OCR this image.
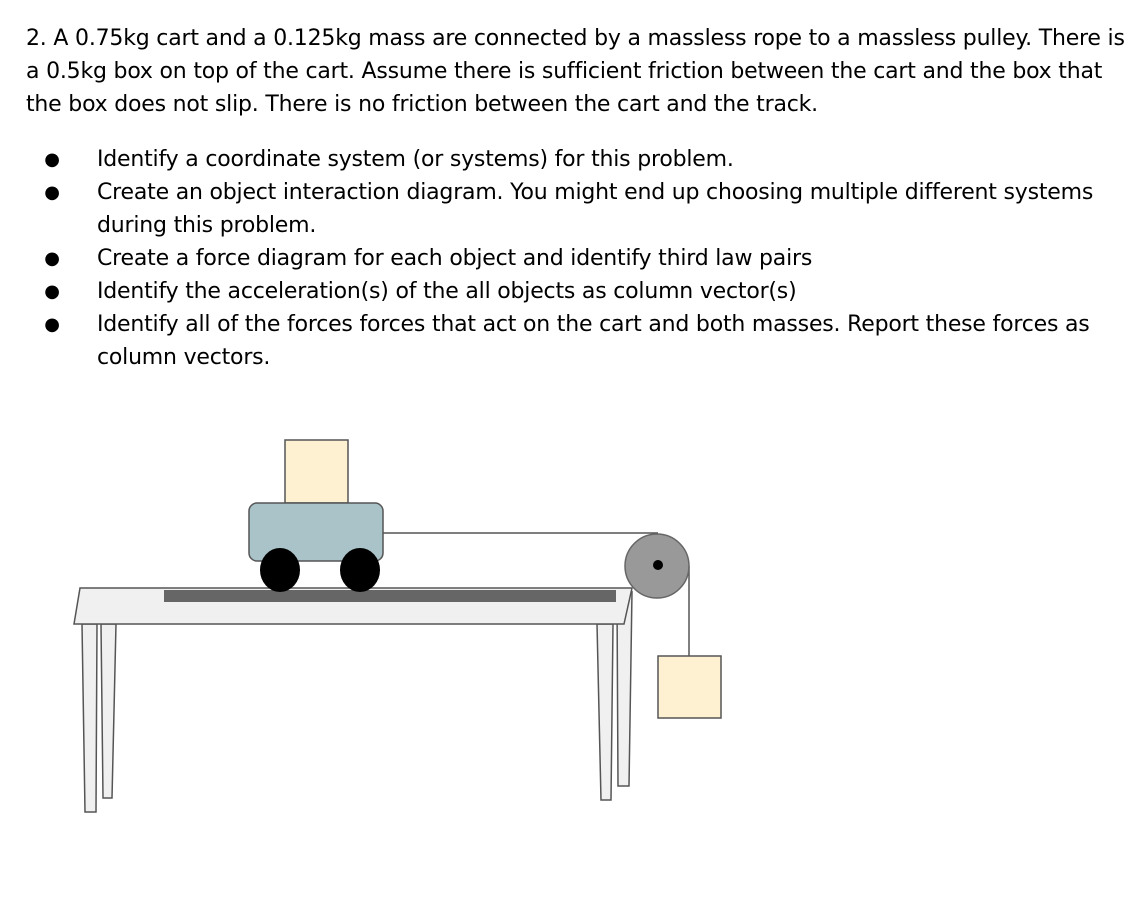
2. A 0.75kg cart and a 0.125kg mass are connected by a massless rope to a massless pulley. There is a 0.5kg box on top of the cart. Assume there is sufficient friction between the cart and the box that the box does not slip. There is no friction between the cart and the track.

● Identify a coordinate system (or systems) for this problem.
● Create an object interaction diagram. You might end up choosing multiple different systems during this problem.
● Create a force diagram for each object and identify third law pairs
● Identify the acceleration(s) of the all objects as column vector(s)
● Identify all of the forces forces that act on the cart and both masses. Report these forces as column vectors.
